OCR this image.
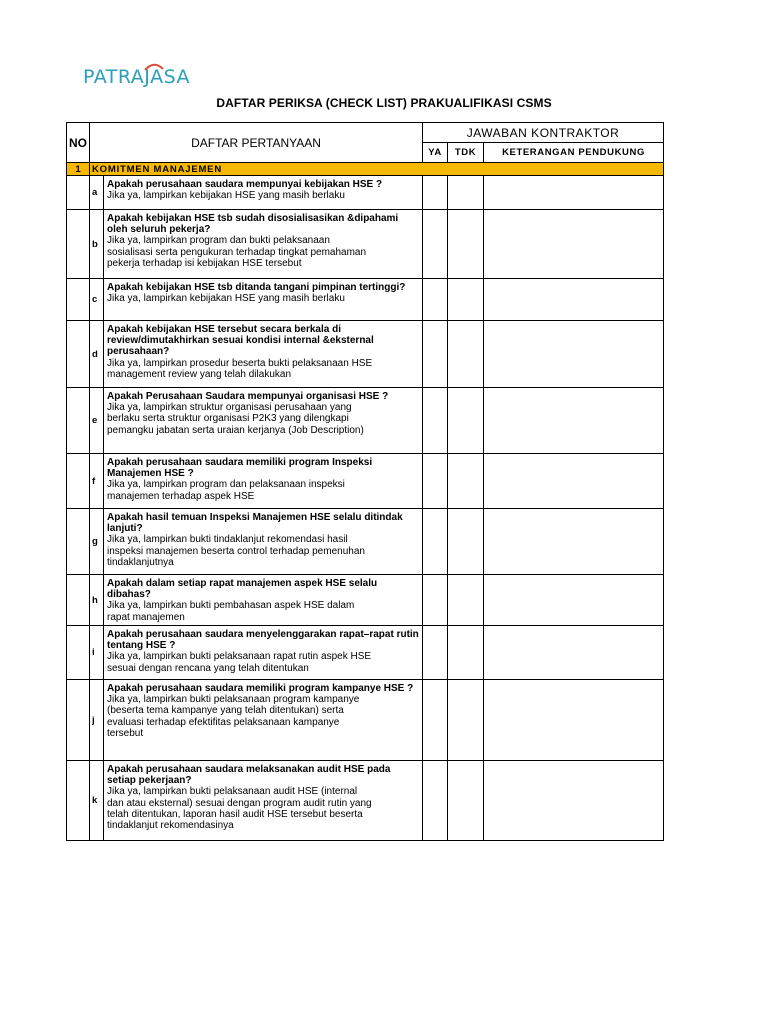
PATRAJASA
DAFTAR PERIKSA (CHECK LIST) PRAKUALIFIKASI CSMS
NO	DAFTAR PERTANYAAN		JAWABAN KONTRAKTOR		
			YA	TDK	KETERANGAN PENDUKUNG
1	KOMITMEN MANAJEMEN				
	a	Apakah perusahaan saudara mempunyai kebijakan HSE ?
Jika ya, lampirkan kebijakan HSE yang masih berlaku			

	b	Apakah kebijakan HSE tsb sudah disosialisasikan &dipahami oleh seluruh pekerja?
Jika ya, lampirkan program dan bukti pelaksanaan
sosialisasi serta pengukuran terhadap tingkat pemahaman
pekerja terhadap isi kebijakan HSE tersebut			

	c	Apakah kebijakan HSE tsb ditanda tangani pimpinan tertinggi?
Jika ya, lampirkan kebijakan HSE yang masih berlaku			

	d	Apakah kebijakan HSE tersebut secara berkala di review/dimutakhirkan sesuai kondisi internal &eksternal perusahaan?
Jika ya, lampirkan prosedur beserta bukti pelaksanaan HSE
management review yang telah dilakukan			

	e	Apakah Perusahaan Saudara mempunyai organisasi HSE ?
Jika ya, lampirkan struktur organisasi perusahaan yang
berlaku serta struktur organisasi P2K3 yang dilengkapi
pemangku jabatan serta uraian kerjanya (Job Description)			

	f	Apakah perusahaan saudara memiliki program Inspeksi Manajemen HSE ?
Jika ya, lampirkan program dan pelaksanaan inspeksi
manajemen terhadap aspek HSE			

	g	Apakah hasil temuan Inspeksi Manajemen HSE selalu ditindak lanjuti?
Jika ya, lampirkan bukti tindaklanjut rekomendasi hasil
inspeksi manajemen beserta control terhadap pemenuhan
tindaklanjutnya			

	h	Apakah dalam setiap rapat manajemen aspek HSE selalu dibahas?
Jika ya, lampirkan bukti pembahasan aspek HSE dalam
rapat manajemen			

	i	Apakah perusahaan saudara menyelenggarakan rapat–rapat rutin tentang HSE ?
Jika ya, lampirkan bukti pelaksanaan rapat rutin aspek HSE
sesuai dengan rencana yang telah ditentukan			

	j	Apakah perusahaan saudara memiliki program kampanye HSE ?
Jika ya, lampirkan bukti pelaksanaan program kampanye
(beserta tema kampanye yang telah ditentukan) serta
evaluasi terhadap efektifitas pelaksanaan kampanye
tersebut			

	k	Apakah perusahaan saudara melaksanakan audit HSE pada setiap pekerjaan?
Jika ya, lampirkan bukti pelaksanaan audit HSE (internal
dan atau eksternal) sesuai dengan program audit rutin yang
telah ditentukan, laporan hasil audit HSE tersebut beserta
tindaklanjut rekomendasinya			
